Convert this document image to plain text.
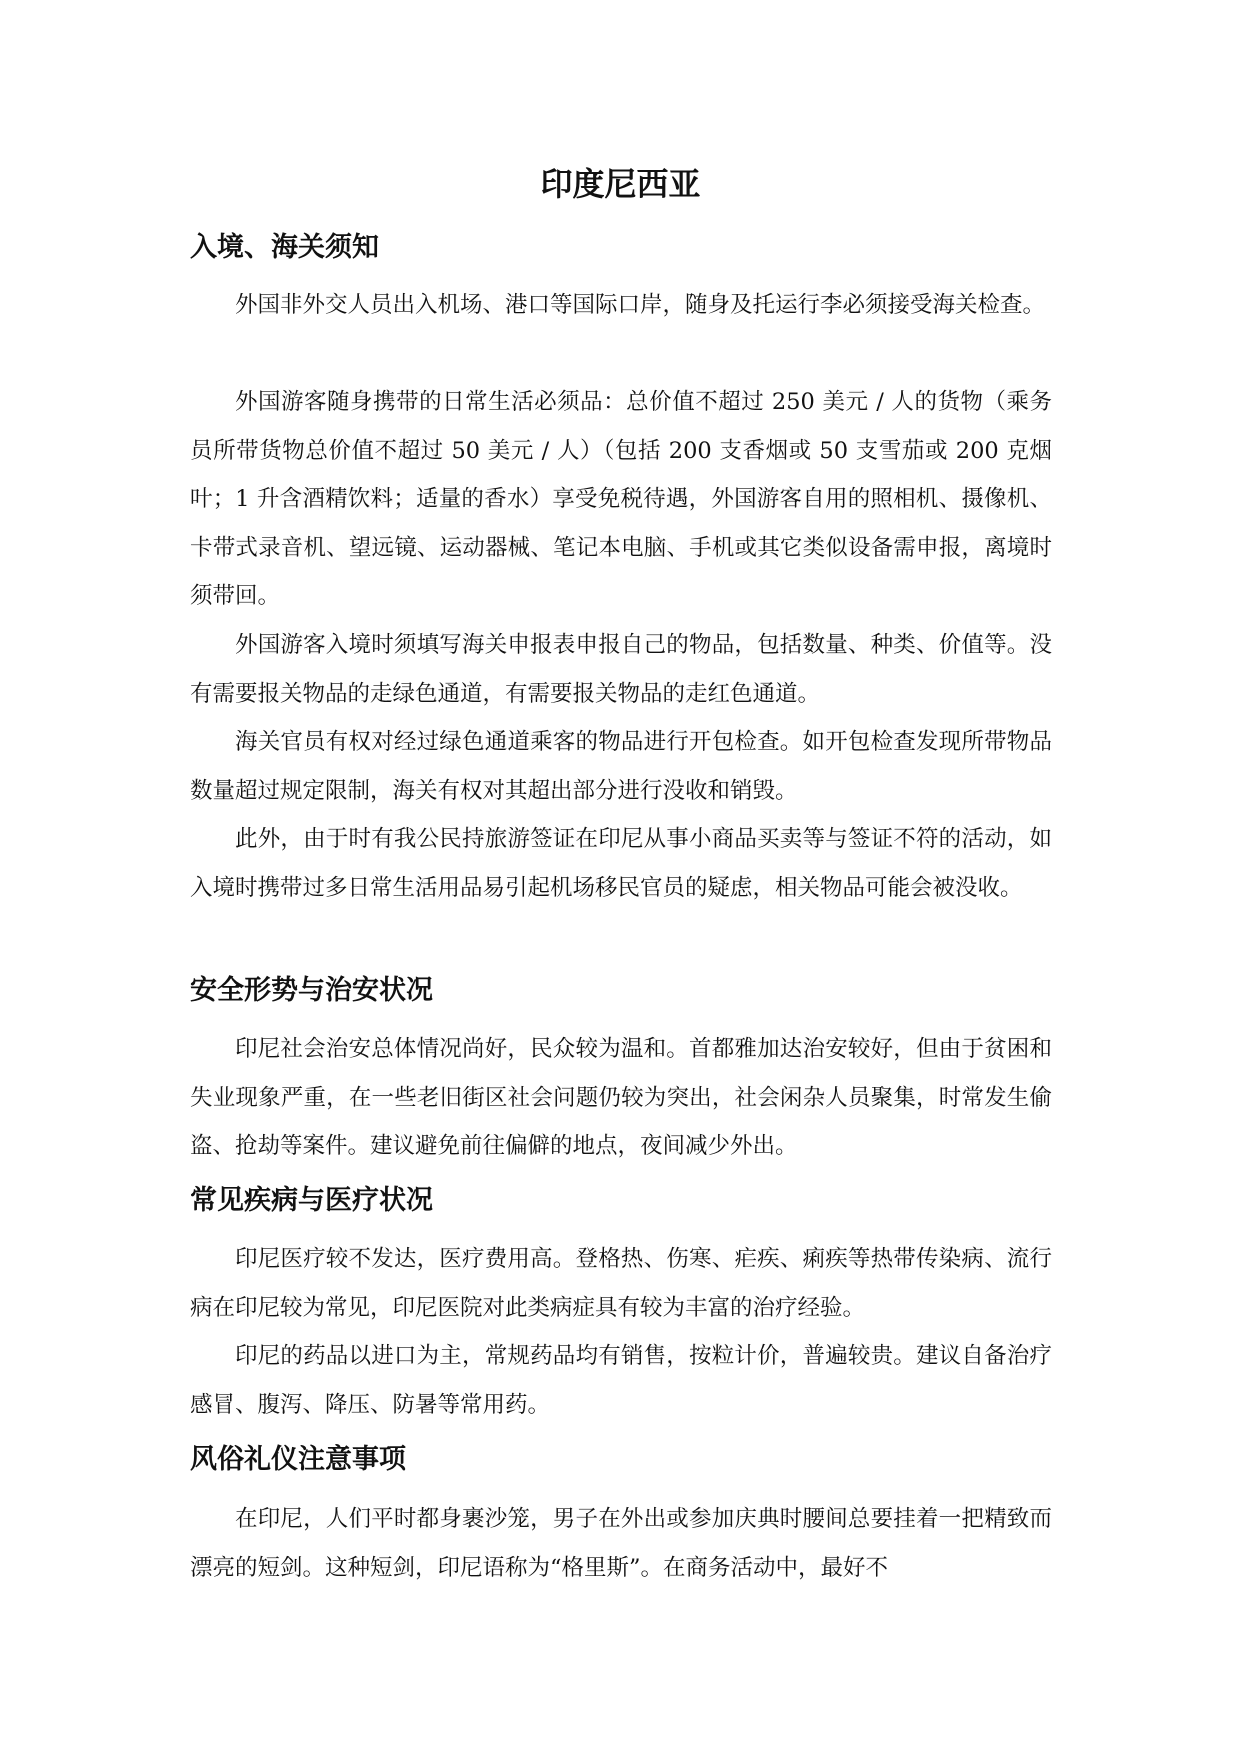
印度尼西亚
入境、海关须知

外国非外交人员出入机场、港口等国际口岸，随身及托运行李必须接受海关检查。

外国游客随身携带的日常生活必须品：总价值不超过 250 美元 / 人的货物（乘务员所带货物总价值不超过 50 美元 / 人）（包括 200 支香烟或 50 支雪茄或 200 克烟叶；1 升含酒精饮料；适量的香水）享受免税待遇，外国游客自用的照相机、摄像机、卡带式录音机、望远镜、运动器械、笔记本电脑、手机或其它类似设备需申报，离境时须带回。

外国游客入境时须填写海关申报表申报自己的物品，包括数量、种类、价值等。没有需要报关物品的走绿色通道，有需要报关物品的走红色通道。

海关官员有权对经过绿色通道乘客的物品进行开包检查。如开包检查发现所带物品数量超过规定限制，海关有权对其超出部分进行没收和销毁。

此外，由于时有我公民持旅游签证在印尼从事小商品买卖等与签证不符的活动，如入境时携带过多日常生活用品易引起机场移民官员的疑虑，相关物品可能会被没收。

安全形势与治安状况

印尼社会治安总体情况尚好，民众较为温和。首都雅加达治安较好，但由于贫困和失业现象严重，在一些老旧街区社会问题仍较为突出，社会闲杂人员聚集，时常发生偷盗、抢劫等案件。建议避免前往偏僻的地点，夜间减少外出。

常见疾病与医疗状况

印尼医疗较不发达，医疗费用高。登格热、伤寒、疟疾、痢疾等热带传染病、流行病在印尼较为常见，印尼医院对此类病症具有较为丰富的治疗经验。

印尼的药品以进口为主，常规药品均有销售，按粒计价，普遍较贵。建议自备治疗感冒、腹泻、降压、防暑等常用药。

风俗礼仪注意事项

在印尼，人们平时都身裹沙笼，男子在外出或参加庆典时腰间总要挂着一把精致而漂亮的短剑。这种短剑，印尼语称为“格里斯”。在商务活动中，最好不
